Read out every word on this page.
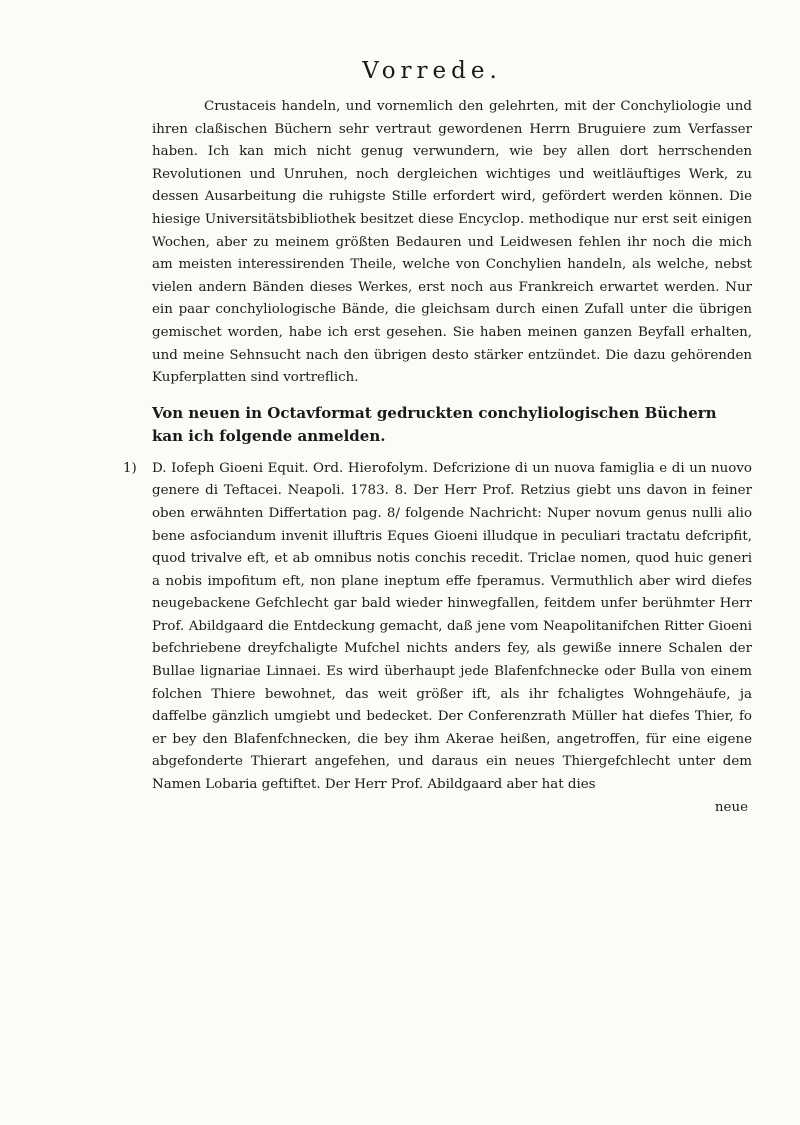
Vorrede.

Crustaceis handeln, und vornemlich den gelehrten, mit der Conchyliologie und ihren claßischen Büchern sehr vertraut gewordenen Herrn Bruguiere zum Verfasser haben. Ich kan mich nicht genug verwundern, wie bey allen dort herrschenden Revolutionen und Unruhen, noch dergleichen wichtiges und weitläuftiges Werk, zu dessen Ausarbeitung die ruhigste Stille erfordert wird, gefördert werden können. Die hiesige Universitätsbibliothek besitzet diese Encyclop. methodique nur erst seit einigen Wochen, aber zu meinem größten Bedauren und Leidwesen fehlen ihr noch die mich am meisten interessirenden Theile, welche von Conchylien handeln, als welche, nebst vielen andern Bänden dieses Werkes, erst noch aus Frankreich erwartet werden. Nur ein paar conchyliologische Bände, die gleichsam durch einen Zufall unter die übrigen gemischet worden, habe ich erst gesehen. Sie haben meinen ganzen Beyfall erhalten, und meine Sehnsucht nach den übrigen desto stärker entzündet. Die dazu gehörenden Kupferplatten sind vortreflich.

Von neuen in Octavformat gedruckten conchyliologischen Büchern kan ich folgende anmelden.

1) D. Iofeph Gioeni Equit. Ord. Hierofolym. Defcrizione di un nuova famiglia e di un nuovo genere di Teftacei. Neapoli. 1783. 8. Der Herr Prof. Retzius giebt uns davon in feiner oben erwähnten Differtation pag. 8/ folgende Nachricht: Nuper novum genus nulli alio bene asfociandum invenit illuftris Eques Gioeni illudque in peculiari tractatu defcripfit, quod trivalve eft, et ab omnibus notis conchis recedit. Triclae nomen, quod huic generi a nobis impofitum eft, non plane ineptum effe fperamus. Vermuthlich aber wird diefes neugebackene Gefchlecht gar bald wieder hinwegfallen, feitdem unfer berühmter Herr Prof. Abildgaard die Entdeckung gemacht, daß jene vom Neapolitanifchen Ritter Gioeni befchriebene dreyfchaligte Mufchel nichts anders fey, als gewiße innere Schalen der Bullae lignariae Linnaei. Es wird überhaupt jede Blafenfchnecke oder Bulla von einem folchen Thiere bewohnet, das weit größer ift, als ihr fchaligtes Wohngehäufe, ja daffelbe gänzlich umgiebt und bedecket. Der Conferenzrath Müller hat diefes Thier, fo er bey den Blafenfchnecken, die bey ihm Akerae heißen, angetroffen, für eine eigene abgefonderte Thierart angefehen, und daraus ein neues Thiergefchlecht unter dem Namen Lobaria geftiftet. Der Herr Prof. Abildgaard aber hat dies
neue
